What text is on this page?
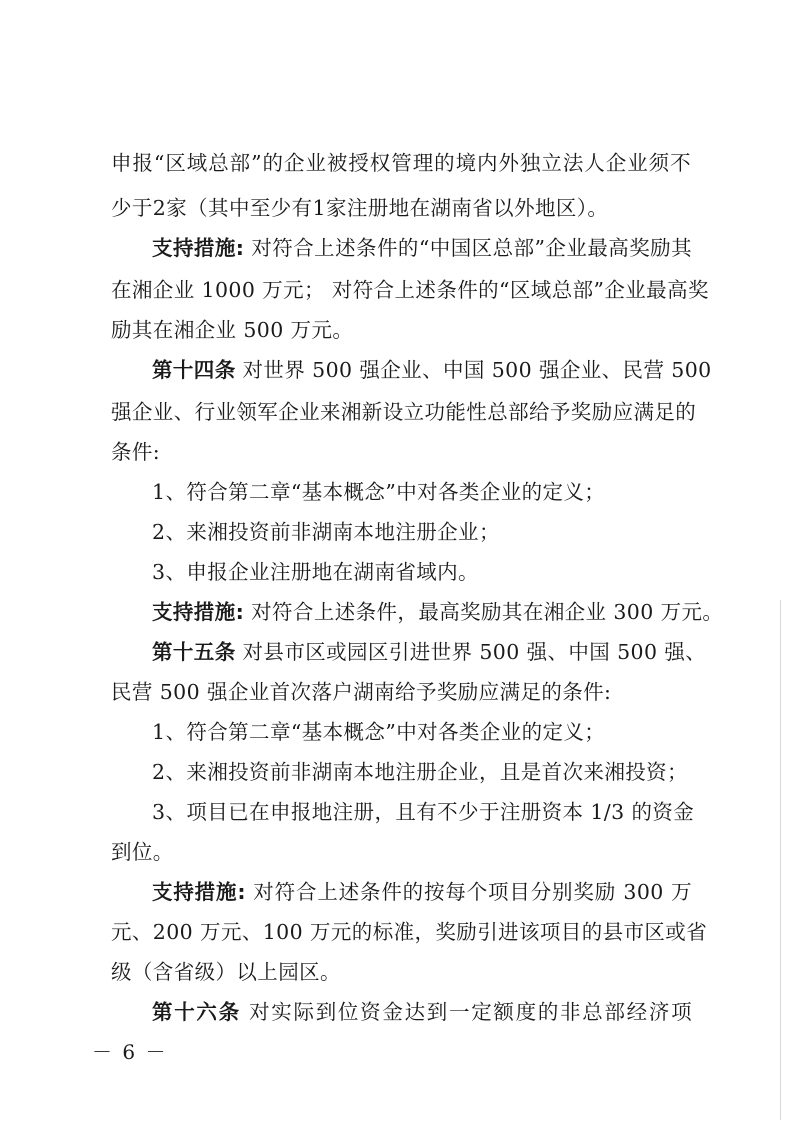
申报“区域总部”的企业被授权管理的境内外独立法人企业须不
少于2家（其中至少有1家注册地在湖南省以外地区）。
支持措施: 对符合上述条件的“中国区总部”企业最高奖励其
在湘企业 1000 万元； 对符合上述条件的“区域总部”企业最高奖
励其在湘企业 500 万元。
第十四条 对世界 500 强企业、中国 500 强企业、民营 500
强企业、行业领军企业来湘新设立功能性总部给予奖励应满足的
条件:
1、符合第二章“基本概念”中对各类企业的定义；
2、来湘投资前非湖南本地注册企业；
3、申报企业注册地在湖南省域内。
支持措施: 对符合上述条件，最高奖励其在湘企业 300 万元。
第十五条 对县市区或园区引进世界 500 强、中国 500 强、
民营 500 强企业首次落户湖南给予奖励应满足的条件:
1、符合第二章“基本概念”中对各类企业的定义；
2、来湘投资前非湖南本地注册企业，且是首次来湘投资；
3、项目已在申报地注册，且有不少于注册资本 1/3 的资金
到位。
支持措施: 对符合上述条件的按每个项目分别奖励 300 万
元、200 万元、100 万元的标准，奖励引进该项目的县市区或省
级（含省级）以上园区。
第十六条 对实际到位资金达到一定额度的非总部经济项
－ 6 －
